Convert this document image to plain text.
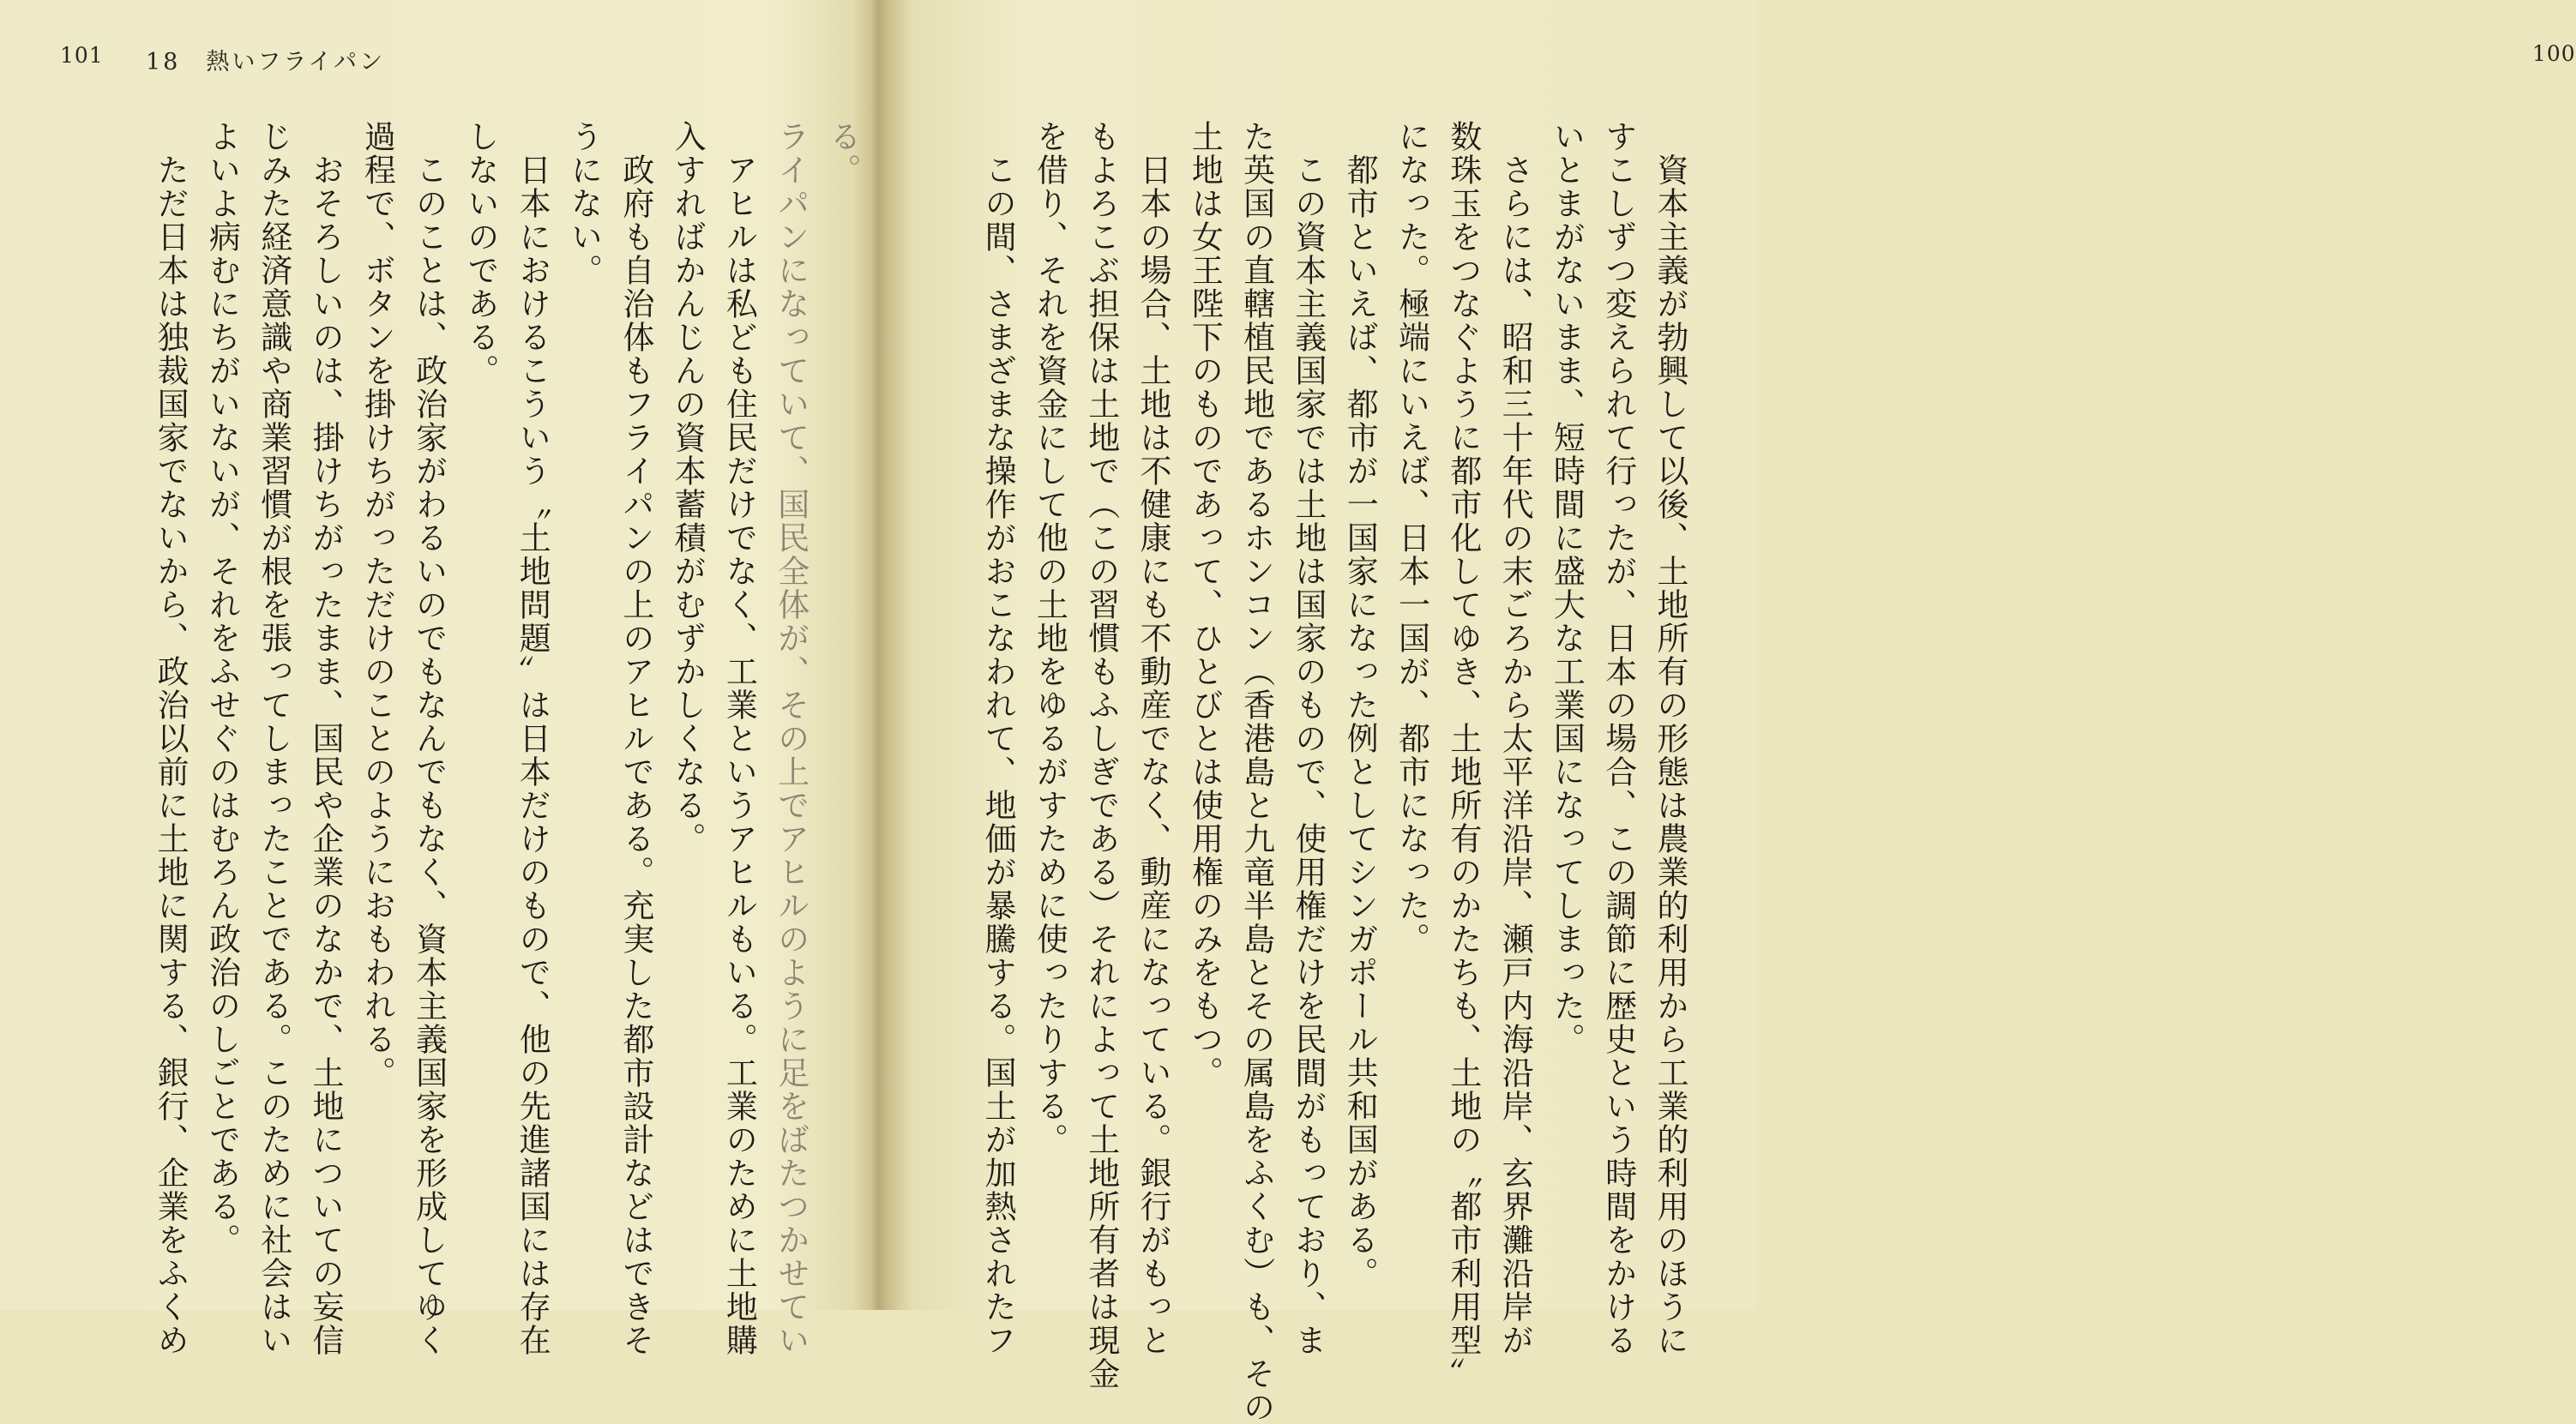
101 18　熱いフライパン

る。

ライパンになっていて、国民全体が、その上でアヒルのように足をばたつかせてい

　アヒルは私ども住民だけでなく、工業というアヒルもいる。工業のために土地購

入すればかんじんの資本蓄積がむずかしくなる。

　政府も自治体もフライパンの上のアヒルである。充実した都市設計などはできそ

うにない。

　日本におけるこういう〝土地問題〟は日本だけのもので、他の先進諸国には存在

しないのである。

　このことは、政治家がわるいのでもなんでもなく、資本主義国家を形成してゆく

過程で、ボタンを掛けちがっただけのことのようにおもわれる。

　おそろしいのは、掛けちがったまま、国民や企業のなかで、土地についての妄信

じみた経済意識や商業習慣が根を張ってしまったことである。このために社会はい

よいよ病むにちがいないが、それをふせぐのはむろん政治のしごとである。

　ただ日本は独裁国家でないから、政治以前に土地に関する、銀行、企業をふくめ

100

　資本主義が勃興して以後、土地所有の形態は農業的利用から工業的利用のほうに

すこしずつ変えられて行ったが、日本の場合、この調節に歴史という時間をかける

いとまがないまま、短時間に盛大な工業国になってしまった。

　さらには、昭和三十年代の末ごろから太平洋沿岸、瀬戸内海沿岸、玄界灘沿岸が

数珠玉をつなぐように都市化してゆき、土地所有のかたちも、土地の〝都市利用型〟

になった。極端にいえば、日本一国が、都市になった。

　都市といえば、都市が一国家になった例としてシンガポール共和国がある。

　この資本主義国家では土地は国家のもので、使用権だけを民間がもっており、ま

た英国の直轄植民地であるホンコン（香港島と九竜半島とその属島をふくむ）も、その

土地は女王陛下のものであって、ひとびとは使用権のみをもつ。

　日本の場合、土地は不健康にも不動産でなく、動産になっている。銀行がもっと

もよろこぶ担保は土地で（この習慣もふしぎである）それによって土地所有者は現金

を借り、それを資金にして他の土地をゆるがすために使ったりする。

　この間、さまざまな操作がおこなわれて、地価が暴騰する。国土が加熱されたフ
